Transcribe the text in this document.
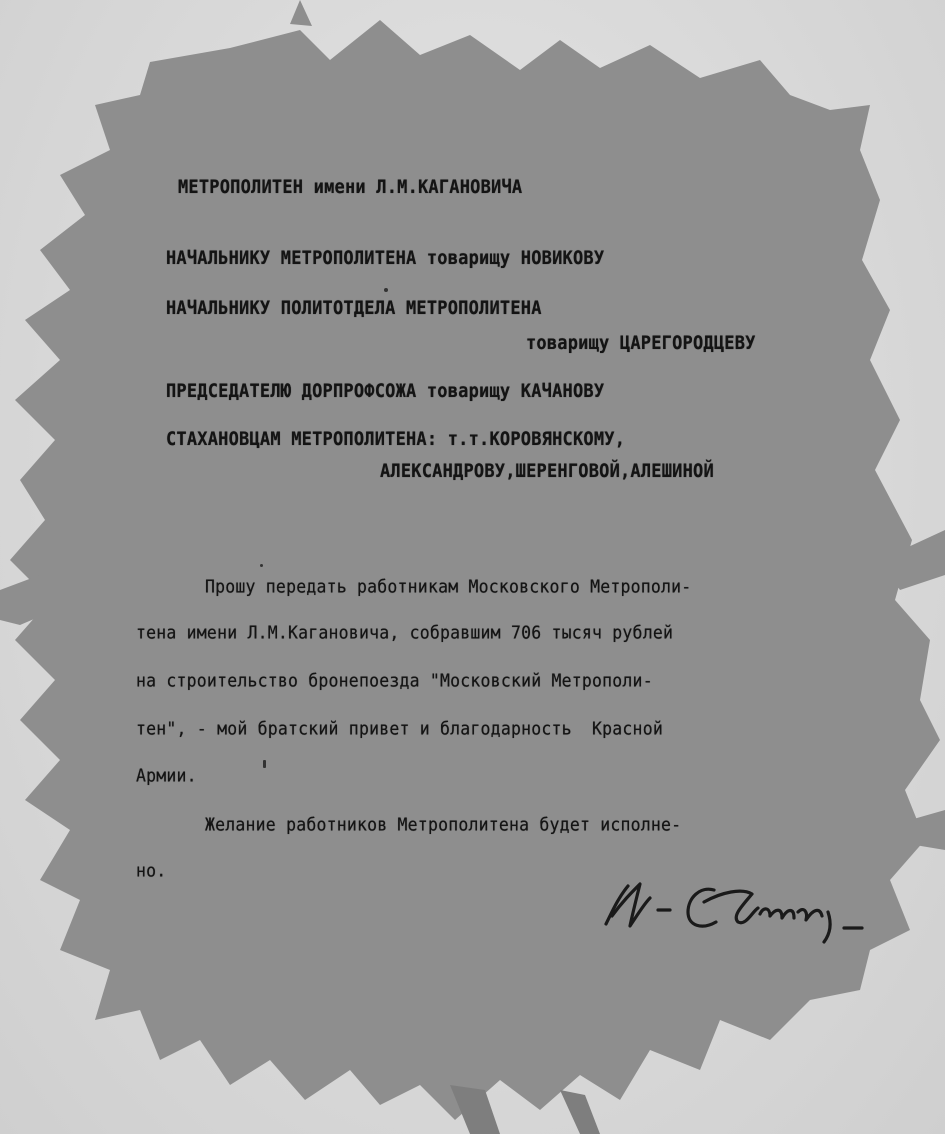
МЕТРОПОЛИТЕН имени Л.М.КАГАНОВИЧА
НАЧАЛЬНИКУ МЕТРОПОЛИТЕНА товарищу НОВИКОВУ
НАЧАЛЬНИКУ ПОЛИТОТДЕЛА МЕТРОПОЛИТЕНА
товарищу ЦАРЕГОРОДЦЕВУ
ПРЕДСЕДАТЕЛЮ ДОРПРОФСОЖА товарищу КАЧАНОВУ
СТАХАНОВЦАМ МЕТРОПОЛИТЕНА: т.т.КОРОВЯНСКОМУ,
АЛЕКСАНДРОВУ,ШЕРЕНГОВОЙ,АЛЕШИНОЙ
Прошу передать работникам Московского Метрополи-
тена имени Л.М.Кагановича, собравшим 706 тысяч рублей
на строительство бронепоезда "Московский Метрополи-
тен", - мой братский привет и благодарность  Красной
Армии.
Желание работников Метрополитена будет исполне-
но.
